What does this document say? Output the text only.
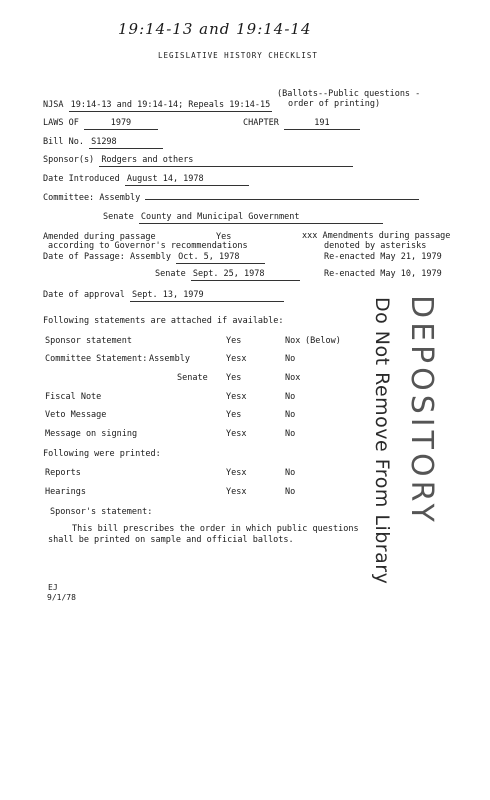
19:14-13 and 19:14-14
LEGISLATIVE HISTORY CHECKLIST
(Ballots--Public questions -
order of printing)
NJSA 19:14-13 and 19:14-14; Repeals 19:14-15
LAWS OF	1979	CHAPTER	191
Bill No. S1298
Sponsor(s) Rodgers and others
Date Introduced August 14, 1978
Committee: Assembly
Senate County and Municipal Government
Amended during passage
according to Governor's recommendations
Yes	xxx Amendments during passage
denoted by asterisks
Date of Passage: Assembly Oct. 5, 1978	Re-enacted May 21, 1979
Senate Sept. 25, 1978	Re-enacted May 10, 1979
Date of approval Sept. 13, 1979
Following statements are attached if available:
Sponsor statement	Yes	Nox (Below)
Committee Statement: Assembly	Yesx	No
Senate Yes	Nox
Fiscal Note	Yesx	No
Veto Message	Yes	No
Message on signing	Yesx	No
Following were printed:
Reports	Yesx	No
Hearings	Yesx	No
Sponsor's statement:
This bill prescribes the order in which public questions
shall be printed on sample and official ballots.
EJ
9/1/78
DEPOSITORY
Do Not Remove From Library
